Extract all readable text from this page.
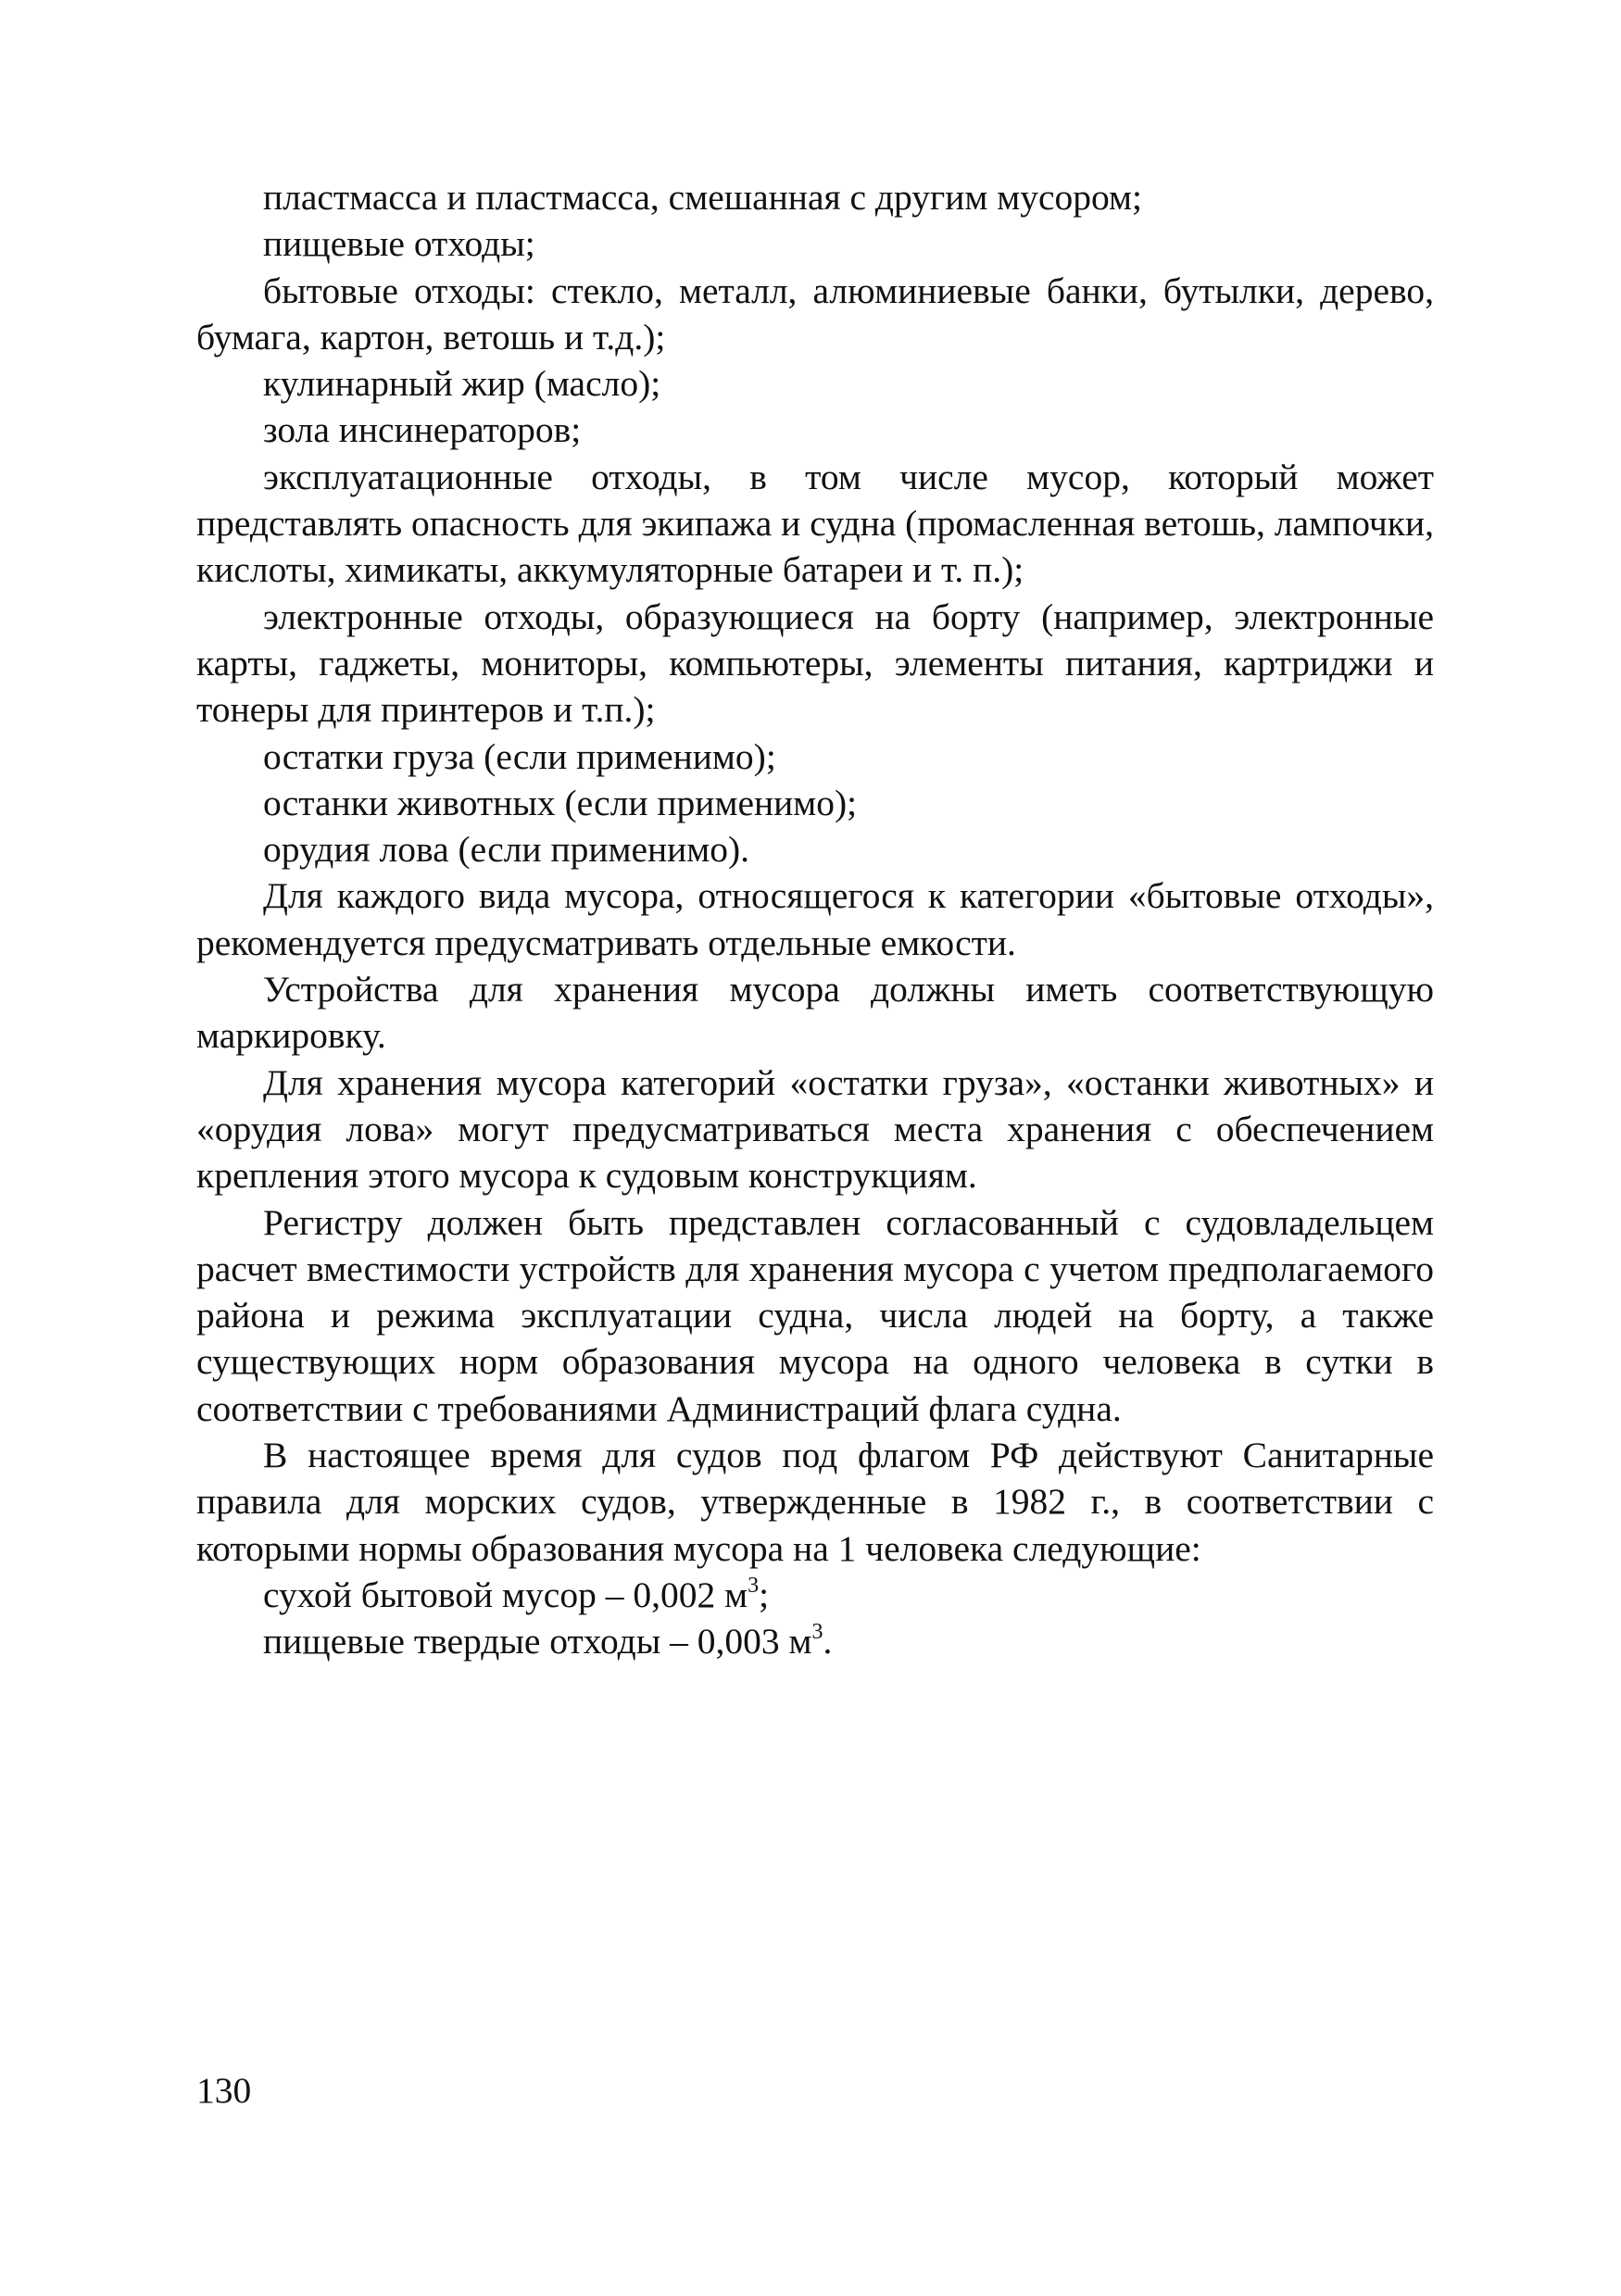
пластмасса и пластмасса, смешанная с другим мусором;

пищевые отходы;

бытовые отходы: стекло, металл, алюминиевые банки, бутылки, дерево, бумага, картон, ветошь и т.д.);

кулинарный жир (масло);

зола инсинераторов;

эксплуатационные отходы, в том числе мусор, который может представлять опасность для экипажа и судна (промасленная ветошь, лампочки, кислоты, химикаты, аккумуляторные батареи и т. п.);

электронные отходы, образующиеся на борту (например, электронные карты, гаджеты, мониторы, компьютеры, элементы питания, картриджи и тонеры для принтеров и т.п.);

остатки груза (если применимо);

останки животных (если применимо);

орудия лова (если применимо).

Для каждого вида мусора, относящегося к категории «бытовые отходы», рекомендуется предусматривать отдельные емкости.

Устройства для хранения мусора должны иметь соответствующую маркировку.

Для хранения мусора категорий «остатки груза», «останки животных» и «орудия лова» могут предусматриваться места хранения с обеспечением крепления этого мусора к судовым конструкциям.

Регистру должен быть представлен согласованный с судовладельцем расчет вместимости устройств для хранения мусора с учетом предполагаемого района и режима эксплуатации судна, числа людей на борту, а также существующих норм образования мусора на одного человека в сутки в соответствии с требованиями Администраций флага судна.

В настоящее время для судов под флагом РФ действуют Санитарные правила для морских судов, утвержденные в 1982 г., в соответствии с которыми нормы образования мусора на 1 человека следующие:

сухой бытовой мусор – 0,002 $м^3$;

пищевые твердые отходы – 0,003 $м^3$.

130
